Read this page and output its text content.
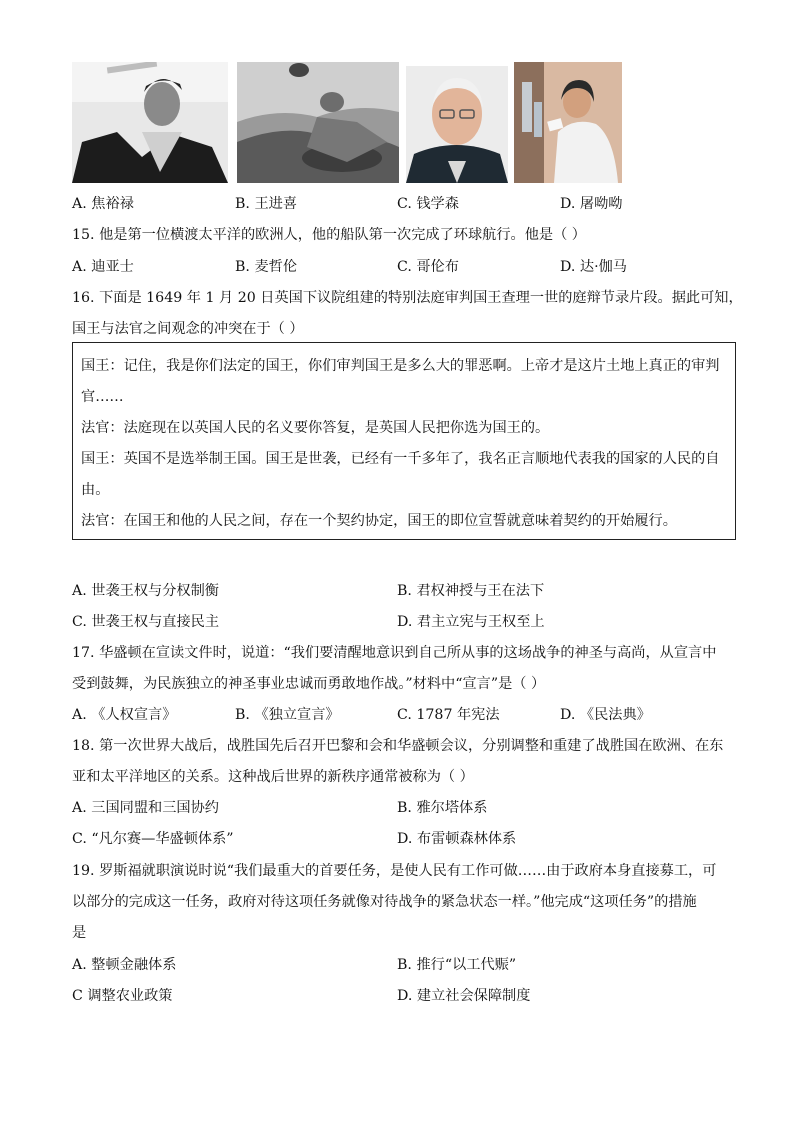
A. 焦裕禄	B. 王进喜	C. 钱学森	D. 屠呦呦
15. 他是第一位横渡太平洋的欧洲人，他的船队第一次完成了环球航行。他是（ ）
A. 迪亚士	B. 麦哲伦	C. 哥伦布	D. 达·伽马
16. 下面是 1649 年 1 月 20 日英国下议院组建的特别法庭审判国王查理一世的庭辩节录片段。据此可知，
国王与法官之间观念的冲突在于（ ）
国王：记住，我是你们法定的国王，你们审判国王是多么大的罪恶啊。上帝才是这片土地上真正的审判
官……
法官：法庭现在以英国人民的名义要你答复，是英国人民把你选为国王的。
国王：英国不是选举制王国。国王是世袭，已经有一千多年了，我名正言顺地代表我的国家的人民的自
由。
法官：在国王和他的人民之间，存在一个契约协定，国王的即位宣誓就意味着契约的开始履行。
A. 世袭王权与分权制衡	B. 君权神授与王在法下
C. 世袭王权与直接民主	D. 君主立宪与王权至上
17. 华盛顿在宣读文件时，说道：“我们要清醒地意识到自己所从事的这场战争的神圣与高尚，从宣言中
受到鼓舞，为民族独立的神圣事业忠诚而勇敢地作战。”材料中“宣言”是（ ）
A. 《人权宣言》	B. 《独立宣言》	C. 1787 年宪法	D. 《民法典》
18. 第一次世界大战后，战胜国先后召开巴黎和会和华盛顿会议，分别调整和重建了战胜国在欧洲、在东
亚和太平洋地区的关系。这种战后世界的新秩序通常被称为（ ）
A. 三国同盟和三国协约	B. 雅尔塔体系
C. “凡尔赛—华盛顿体系”	D. 布雷顿森林体系
19. 罗斯福就职演说时说“我们最重大的首要任务，是使人民有工作可做……由于政府本身直接募工，可
以部分的完成这一任务，政府对待这项任务就像对待战争的紧急状态一样。”他完成“这项任务”的措施
是
A. 整顿金融体系	B. 推行“以工代赈”
C 调整农业政策	D. 建立社会保障制度
